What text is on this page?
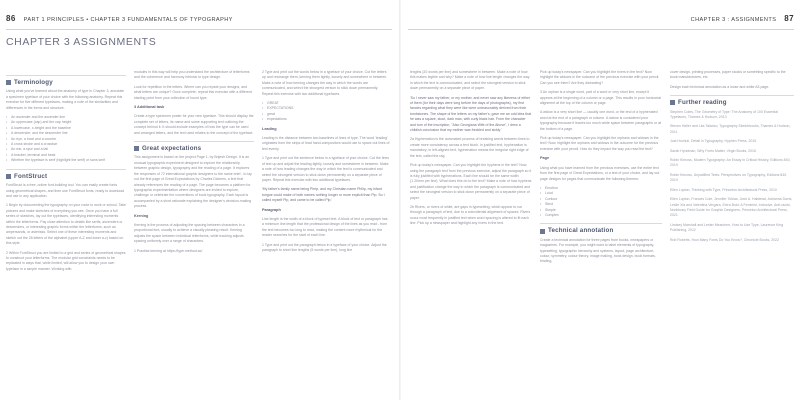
86 PART 1 PRINCIPLES • CHAPTER 3 FUNDAMENTALS OF TYPOGRAPHY	CHAPTER 3 : ASSIGNMENTS 87
CHAPTER 3 ASSIGNMENTS
Terminology

Using what you've learned about the anatomy of type in Chapter 3, annotate a specimen typeface of your choice with the following anatomy. Repeat this exercise for five different typefaces, making a note of the similarities and differences in the forms and structure.

• An ascender and the ascender line
• An uppercase (cap) and the cap height
• A lowercase, x-height and the baseline
• A descender, and the descender line
• An eye, a bowl and a counter
• A cross stroke and a crossbar
• An ear, a spur and a tail
• A bracket, terminal and beak
• Whether the typeface is serif (highlight the serif) or sans serif
FontStruct

FontStruct is a free, online font-building tool. You can easily create fonts using geometrical shapes, and then use FontStruct fonts, ready to download and use in any application.

1 Begin by documenting the typography on your route to work or school. Take pictures and make sketches of everything you see. Once you have a full series of sketches, lay out the typefaces, identifying interesting moments within the letterforms. Pay close attention to details like serifs, ascenders or descenders, or interesting graphic forms within the letterforms, such as ampersands, or asterisks. Select one of these interesting moments and sketch out the 26 letters of the alphabet (upper A-Z and lower a-z) based on this style.

2 Within FontStruct you are limited to a grid and series of geometrical shapes to construct your letterforms. The modular grid constraints needs to be replicated in ways that, while limited, will allow you to design your own typeface in a simple manner. Working with

modules in this way will help you understand the architecture of letterforms and the coherence and harmony intrinsic to type design.

Look for repetition in the letters. Where can you repeat your designs, and what letters are unique? Once complete, repeat this exercise with a different starting point from your collection of found type.

3 Additional task

Create a type specimen poster for your new typeface. This should display the complete set of letters, its name and some supporting text outlining the concept behind it. It should include examples of how the type can be used and arranged letters, and the text used relates to the concept of the typeface.

Great expectations

This assignment is based on the project Page 1, by Brijesh Design. It is an unusual typographic experiment designed to explore the relationship between graphic design, typography and the reading of a page. It explores the responses of 72 international graphic designers to the same brief - to lay out the first page of Great Expectations by Charles Dickens, a text that already references the reading of a page. The page becomes a platform for typographic experimentation where designers are invited to explore, challenge or celebrate the conventions of book typography. Each layout is accompanied by a short rationale explaining the designer's decision-making process.

Kerning

Kerning is the process of adjusting the spacing between characters in a proportional font, usually to achieve a visually pleasing result. Kerning adjusts the space between individual letterforms, while tracking adjusts spacing uniformly over a range of characters.

1 Practise kerning at https://type.method.ac/

2 Type and print out the words below in a typeface of your choice. Cut the letters up and rearrange them, kerning them tightly, loosely and somewhere in between. Make a note of how kerning changes the way in which the words are communicated, and select the strongest version to stick down permanently. Repeat this exercise with two additional typefaces.

• GREAT
• EXPECTATIONS
• great
• expectations

Leading

Leading is the distance between two baselines of lines of type. The word 'leading' originates from the strips of lead hand-compositors would use to space out lines of text evenly.

1 Type and print out the sentence below in a typeface of your choice. Cut the lines of text up and adjust the leading tightly, loosely and somewhere in between. Make a note of how leading changes the way in which the text is communicated and select the strongest version to stick down permanently on a separate piece of paper. Repeat this exercise with two additional typefaces.

'My father's family name being Pirrip, and my Christian name Philip, my infant tongue could make of both names nothing longer or more explicit than Pip. So I called myself Pip, and came to be called Pip.'

Paragraph

Line length is the width of a block of typeset text. A block of text or paragraph has a minimum line length that the professional design of the lines as you read - from the text becomes too long to read, making the content more rhythmical for the reader searches for the start of each line.

1 Type and print out the paragraph below in a typeface of your choice. Adjust the paragraph to short line lengths (5 words per line), long line

lengths (20 words per line) and somewhere in between. Make a note of how this makes legible and why? Make a note of how line length changes the way in which the text is communicated, and select the strongest version to stick down permanently on a separate piece of paper.

'So I never saw my father, or my mother, and never saw any likeness of either of them (for their days were long before the days of photographs), my first fancies regarding what they were like were unreasonably derived from their tombstones. The shape of the letters on my father's, gave me an odd idea that he was a square, stout, dark man, with curly black hair. From the character and turn of the inscription, "Also Georgiana Wife of the Above", I drew a childish conclusion that my mother was freckled and sickly.'

2a Hyphenation is the automated process of breaking words between lines to create more consistency across a text block. In justified text, hyphenation is mandatory; in left-aligned text, hyphenation means the irregular right edge of the text, called the rag.

Pick up today's newspaper. Can you highlight the hyphens in the text? Now, using the paragraph text from the previous exercise, adjust the paragraph so it is fully justified with hyphenations. Each line should be the same width (1.20mm per line). What does this do to the text? Make a note of how hyphens and justification change the way in which the paragraph is communicated and select the strongest version to stick down permanently on a separate piece of paper.

2b Rivers, or rivers of white, are gaps in typesetting, which appear to run through a paragraph of text, due to a coincidental alignment of spaces. Rivers occur most frequently in justified text when word spacing is altered to fit each line. Pick up a newspaper and highlight any rivers in the text.

Pick up today's newspaper. Can you highlight the rivers in the text? Now highlight the widows in the outcome of the previous exercise with your pencil. Can you see them? Are they distracting?

3 An orphan is a single word, part of a word or very short line, except it appears at the beginning of a column or a page. This results in poor horizontal alignment at the top of the column or page.

A widow is a very short line — usually one word, or the end of a hyphenated word at the end of a paragraph or column. A widow is considered poor typography because it leaves too much white space between paragraphs or at the bottom of a page.

Pick up today's newspaper. Can you highlight the orphans and widows in the text? Now, highlight the orphans and widows in the outcome for the previous exercise with your pencil. How do they impact the way you read the text?

Page

Using what you have learned from the previous exercises, use the entire text from the first page of Great Expectations, or a text of your choice, and lay out page designs for pages that communicate the following themes:

• Emotion
• Loud
• Contour
• Strict
• Simple
• Complex
Technical annotation

Create a technical annotation for three pages from books, newspapers or magazines. For example, you might want to label elements of typography, typesetting, typographic hierarchy and systems, layout, page architecture, colour, symmetry, colour theory, image making, book design, book formats, binding,

cover design, printing processes, paper stocks or something specific to the book manufacturers, etc.

Design each technical annotation as a loose and white A3 page.

Further reading

Stephen Coles, The Geometry of Type: The Anatomy of 100 Essential Typefaces, Thames & Hudson, 2013

Steven Heller and Lita Talarico, Typography Sketchbooks, Thames & Hudson, 2011

Jost Hochuli, Detail in Typography, Hyphen Press, 2015

Sarah Hyndman, Why Fonts Matter, Virgin Books, 2016

Robin Kinross, Modern Typography: An Essay in Critical History, Editions 840, 2019

Robin Kinross, Unjustified Texts: Perspectives on Typography, Editions 840, 2019

Ellen Lupton, Thinking with Type, Princeton Architectural Press, 2010

Ellen Lupton, Frances Cole, Jennifer Tobias, Josh A. Halstead, Adrianna Davis, Leslie Xia and Valentina Vergara, Extra Bold: A Feminist, Inclusive, Anti-racist, Nonbinary Field Guide for Graphic Designers, Princeton Architectural Press, 2021

Lindsey Marshall and Lester Meachem, How to Use Type, Laurence King Publishing, 2012

Rob Roberts, How Many Fonts Do You Know?, Chronicle Books, 2022
